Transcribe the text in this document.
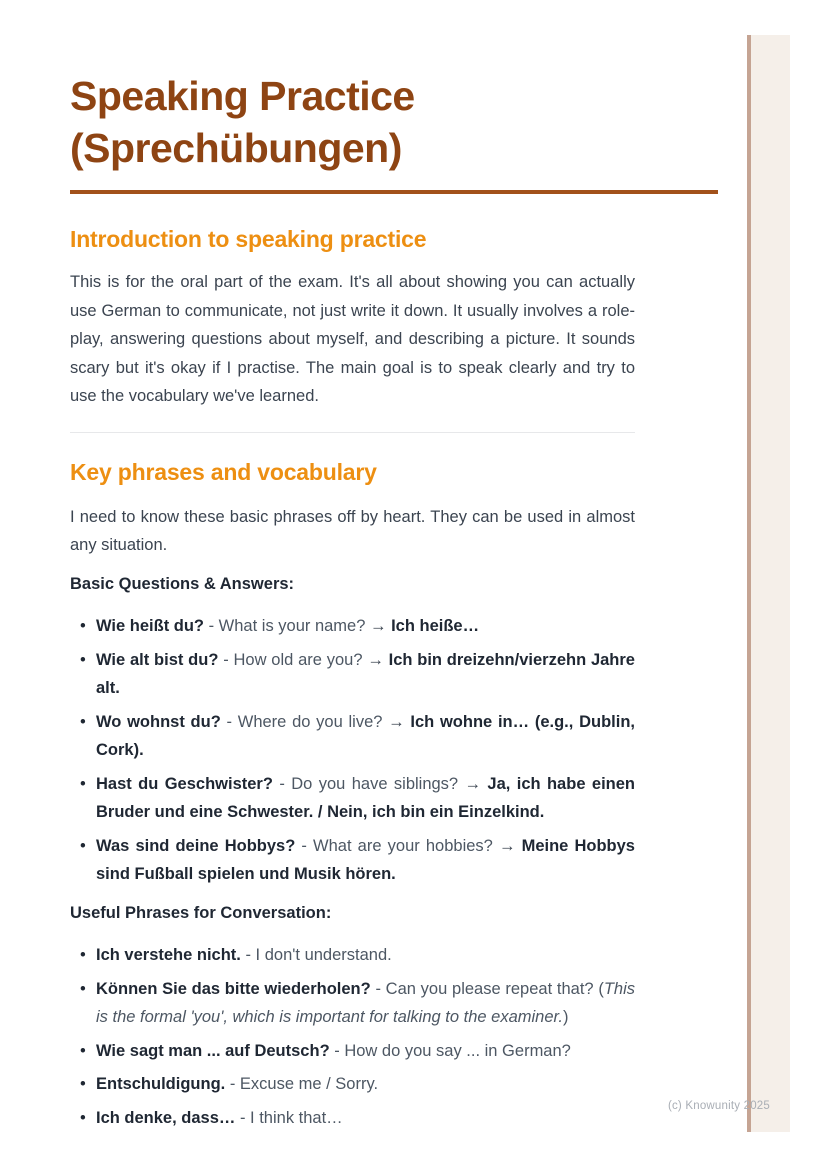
Speaking Practice (Sprechübungen)
Introduction to speaking practice

This is for the oral part of the exam. It's all about showing you can actually use German to communicate, not just write it down. It usually involves a role-play, answering questions about myself, and describing a picture. It sounds scary but it's okay if I practise. The main goal is to speak clearly and try to use the vocabulary we've learned.

Key phrases and vocabulary

I need to know these basic phrases off by heart. They can be used in almost any situation.

Basic Questions & Answers:
• Wie heißt du? - What is your name? → Ich heiße…
• Wie alt bist du? - How old are you? → Ich bin dreizehn/vierzehn Jahre alt.
• Wo wohnst du? - Where do you live? → Ich wohne in… (e.g., Dublin, Cork).
• Hast du Geschwister? - Do you have siblings? → Ja, ich habe einen Bruder und eine Schwester. / Nein, ich bin ein Einzelkind.
• Was sind deine Hobbys? - What are your hobbies? → Meine Hobbys sind Fußball spielen und Musik hören.
Useful Phrases for Conversation:
• Ich verstehe nicht. - I don't understand.
• Können Sie das bitte wiederholen? - Can you please repeat that? (This is the formal 'you', which is important for talking to the examiner.)
• Wie sagt man ... auf Deutsch? - How do you say ... in German?
• Entschuldigung. - Excuse me / Sorry.
• Ich denke, dass… - I think that…
(c) Knowunity 2025
